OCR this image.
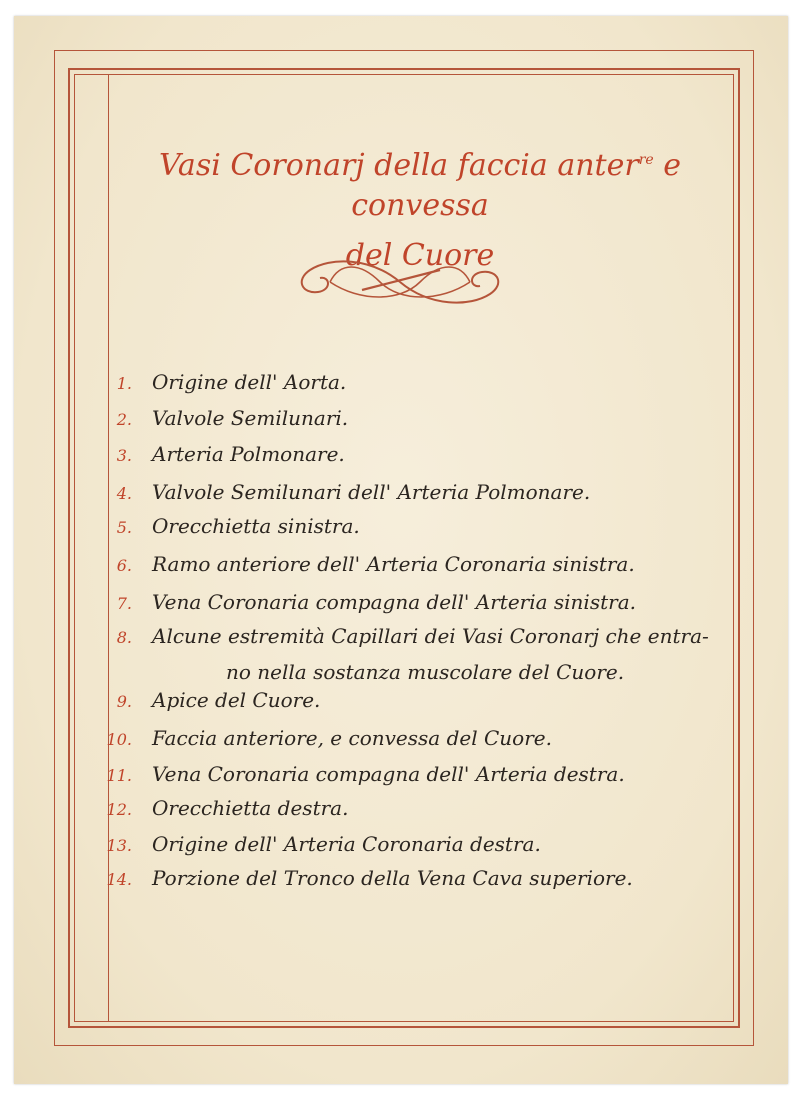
Vasi Coronarj della faccia anter$^{re}$ e convessa
del Cuore
1. Origine dell' Aorta.
2. Valvole Semilunari.
3. Arteria Polmonare.
4. Valvole Semilunari dell' Arteria Polmonare.
5. Orecchietta sinistra.
6. Ramo anteriore dell' Arteria Coronaria sinistra.
7. Vena Coronaria compagna dell' Arteria sinistra.
8. Alcune estremità Capillari dei Vasi Coronarj che entra-
no nella sostanza muscolare del Cuore.
9. Apice del Cuore.
10. Faccia anteriore, e convessa del Cuore.
11. Vena Coronaria compagna dell' Arteria destra.
12. Orecchietta destra.
13. Origine dell' Arteria Coronaria destra.
14. Porzione del Tronco della Vena Cava superiore.
